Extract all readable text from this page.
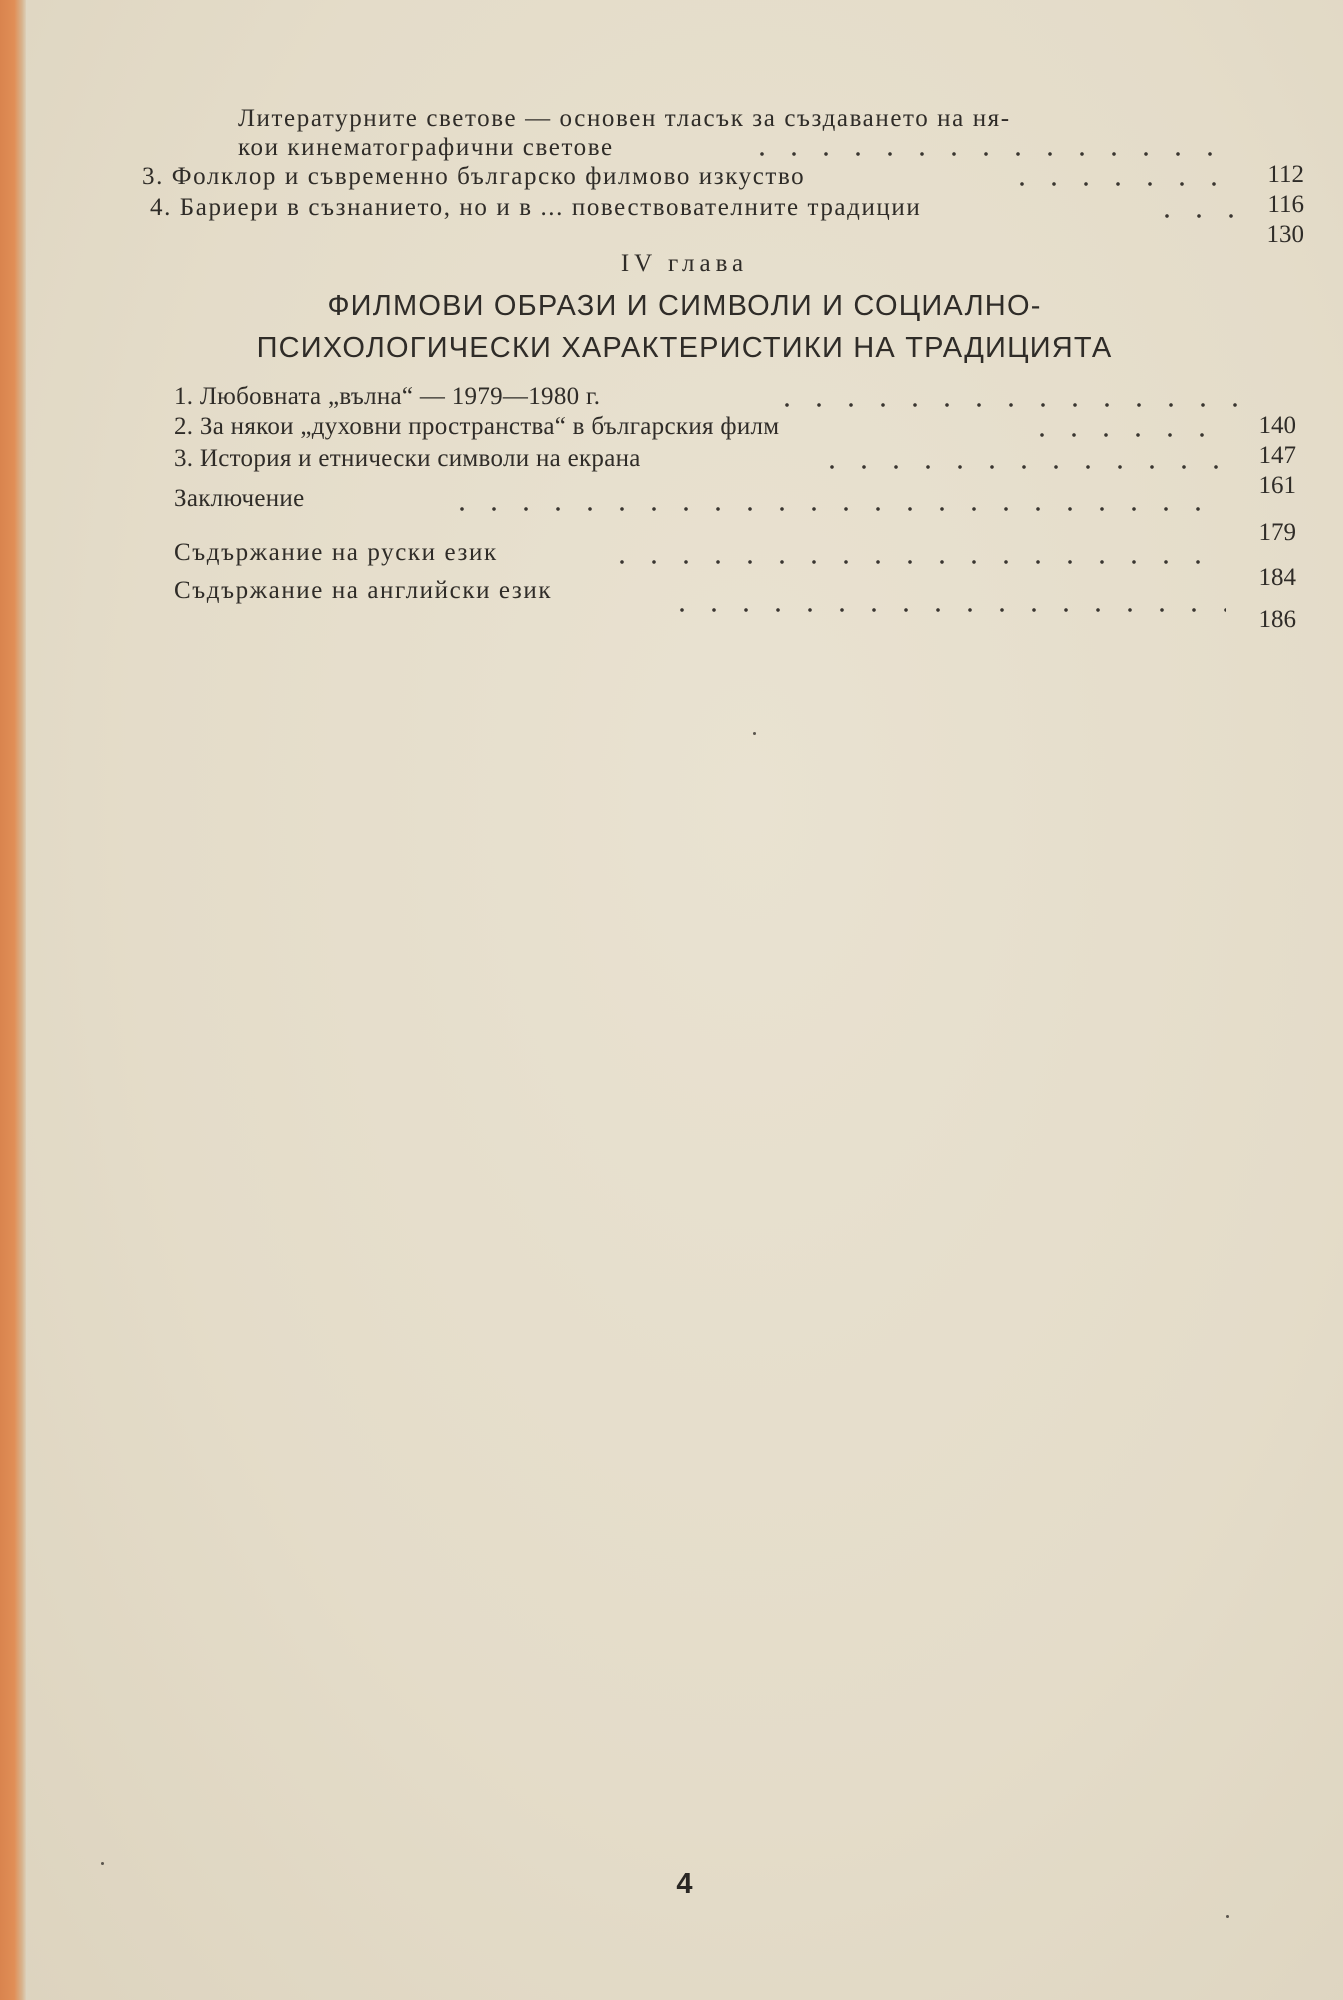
Литературните светове — основен тласък за създаването на ня-
кои кинематографични светове
112
3. Фолклор и съвременно българско филмово изкуство
116
4. Бариери в съзнанието, но и в ... повествователните традиции
130
IV глава
ФИЛМОВИ ОБРАЗИ И СИМВОЛИ И СОЦИАЛНО-
ПСИХОЛОГИЧЕСКИ ХАРАКТЕРИСТИКИ НА ТРАДИЦИЯТА
1. Любовната „вълна“ — 1979—1980 г.
140
2. За някои „духовни пространства“ в българския филм
147
3. История и етнически символи на екрана
161
Заключение
179
Съдържание на руски език
184
Съдържание на английски език
186
4
